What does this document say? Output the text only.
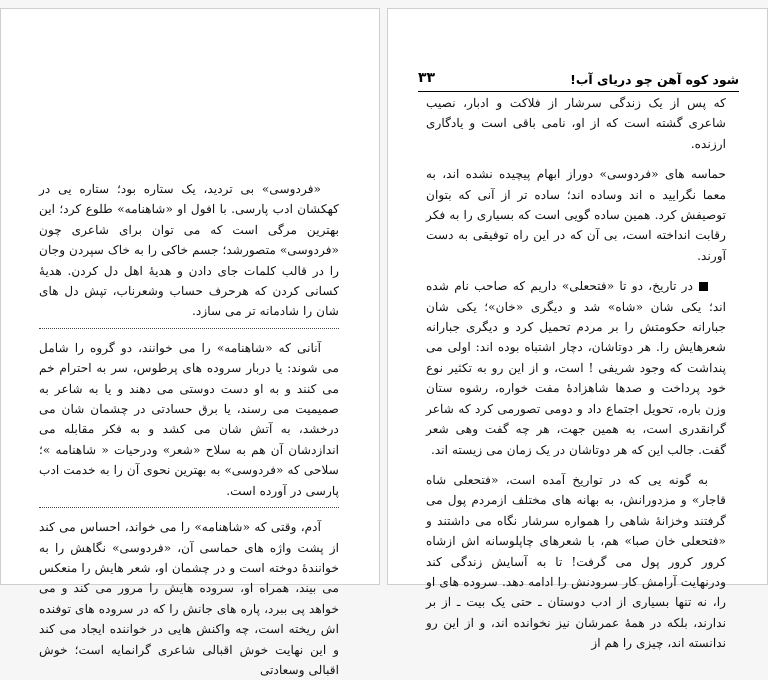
«فردوسی» بی تردید، یک ستاره بود؛ ستاره یی در کهکشان ادب پارسی. با افول او «شاهنامه» طلوع کرد؛ این بهترین مرگی است که می توان برای شاعری چون «فردوسی» متصورشد؛ جسم خاکی را به خاک سپردن وجان را در قالب کلمات جای دادن و هدیۀ اهل دل کردن. هدیۀ کسانی کردن که هرحرف حساب وشعرناب، تپش دل های شان را شادمانه تر می سازد.

آنانی که «شاهنامه» را می خوانند، دو گروه را شامل می شوند: یا دربار سروده های پرطوس، سر به احترام خم می کنند و به او دست دوستی می دهند و یا به شاعر به صمیمیت می رسند، یا برق حسادتی در چشمان شان می درخشد، به آتش شان می کشد و به فکر مقابله می اندازدشان آن هم به سلاح «شعر» ودرحیات « شاهنامه »؛ سلاحی که «فردوسی» به بهترین نحوی آن را به خدمت ادب پارسی در آورده است.

آدم، وقتی که «شاهنامه» را می خواند، احساس می کند از پشت واژه های حماسی آن، «فردوسی» نگاهش را به خوانندۀ دوخته است و در چشمان او، شعر هایش را منعکس می بیند، همراه او، سروده هایش را مرور می کند و می خواهد پی ببرد، پاره های جانش را که در سروده های توفنده اش ریخته است، چه واکنش هایی در خواننده ایجاد می کند و این نهایت خوش اقبالی شاعری گرانمایه است؛ خوش اقبالی وسعادتی

شود کوه آهن چو دریای آب!
۳۳

که پس از یک زندگی سرشار از فلاکت و ادبار، نصیب شاعری گشته است که از او، نامی باقی است و یادگاری ارزنده.

حماسه های «فردوسی» دوراز ابهام پیچیده نشده اند، به معما نگرایید ه اند وساده اند؛ ساده تر از آنی که بتوان توصیفش کرد. همین ساده گویی است که بسیاری را به فکر رقابت انداخته است، بی آن که در این راه توفیقی به دست آورند.

در تاریخ، دو تا «فتحعلی» داریم که صاحب نام شده اند؛ یکی شان «شاه» شد و دیگری «خان»؛ یکی شان جبارانه حکومتش را بر مردم تحمیل کرد و دیگری جبارانه شعرهایش را. هر دوتاشان، دچار اشتباه بوده اند: اولی می پنداشت که وجود شریفی ! است، و از این رو به تکثیر نوع خود پرداخت و صدها شاهزادۀ مفت خواره، رشوه ستان وزن باره، تحویل اجتماع داد و دومی تصورمی کرد که شاعر گرانقدری است، به همین جهت، هر چه گفت وهی شعر گفت. جالب این که هر دوتاشان در یک زمان می زیسته اند.

به گونه یی که در تواریخ آمده است، «فتحعلی شاه قاجار» و مزدورانش، به بهانه های مختلف ازمردم پول می گرفتند وخزانۀ شاهی را همواره سرشار نگاه می داشتند و «فتحعلی خان صبا» هم، با شعرهای چاپلوسانه اش ازشاه کرور کرور پول می گرفت! تا به آسایش زندگی کند ودرنهایت آرامش کار سرودنش را ادامه دهد. سروده های او را، نه تنها بسیاری از ادب دوستان ـ حتی یک بیت ـ از بر ندارند، بلکه در همۀ عمرشان نیز نخوانده اند، و از این رو ندانسته اند، چیزی را هم از
